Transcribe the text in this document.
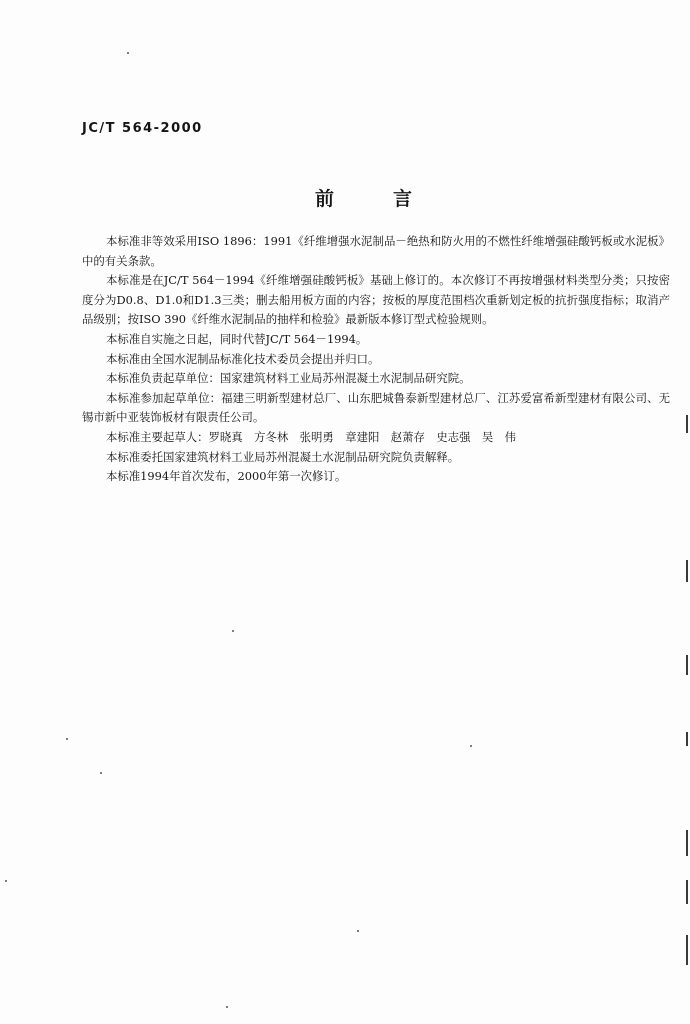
JC/T 564-2000
前	言

本标准非等效采用ISO 1896：1991《纤维增强水泥制品－绝热和防火用的不燃性纤维增强硅酸钙板或水泥板》中的有关条款。

本标准是在JC/T 564－1994《纤维增强硅酸钙板》基础上修订的。本次修订不再按增强材料类型分类；只按密度分为D0.8、D1.0和D1.3三类；删去船用板方面的内容；按板的厚度范围档次重新划定板的抗折强度指标；取消产品级别；按ISO 390《纤维水泥制品的抽样和检验》最新版本修订型式检验规则。

本标准自实施之日起，同时代替JC/T 564－1994。

本标准由全国水泥制品标准化技术委员会提出并归口。

本标准负责起草单位：国家建筑材料工业局苏州混凝土水泥制品研究院。

本标准参加起草单位：福建三明新型建材总厂、山东肥城鲁泰新型建材总厂、江苏爱富希新型建材有限公司、无锡市新中亚装饰板材有限责任公司。

本标准主要起草人：罗晓真　方冬林　张明勇　章建阳　赵萧存　史志强　吴　伟

本标准委托国家建筑材料工业局苏州混凝土水泥制品研究院负责解释。

本标准1994年首次发布，2000年第一次修订。
